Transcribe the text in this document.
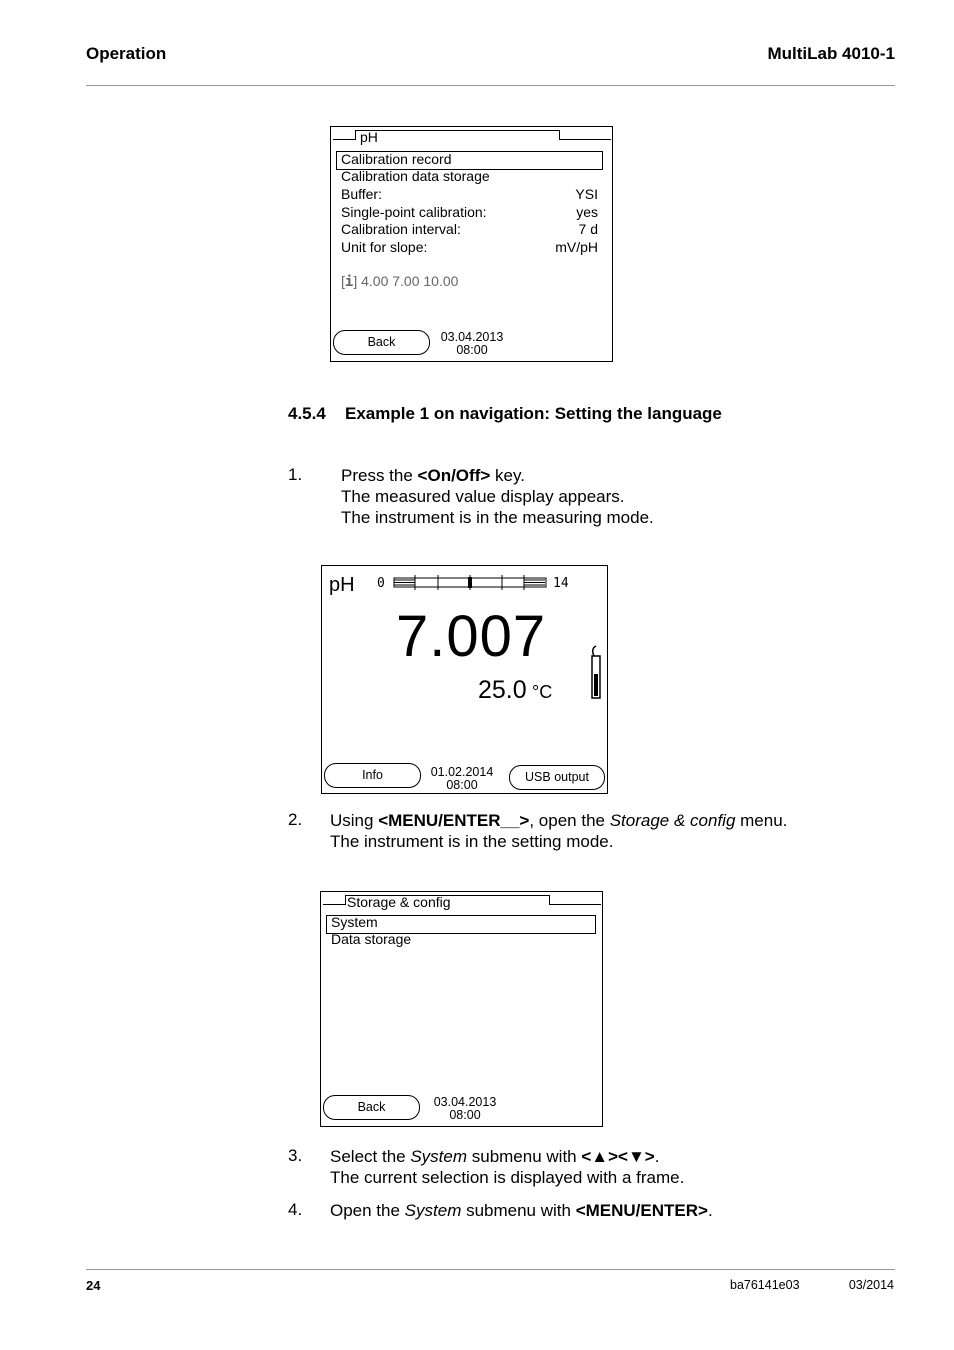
Operation	MultiLab 4010-1
pH
Calibration record
Calibration data storage
Buffer:	YSI
Single-point calibration:	yes
Calibration interval:	7 d
Unit for slope:	mV/pH
[i] 4.00 7.00 10.00
Back	03.04.2013
08:00
4.5.4 Example 1 on navigation: Setting the language
1. Press the <On/Off> key.
The measured value display appears.
The instrument is in the measuring mode.
pH 0	14
7.007
25.0 °C
Info	01.02.2014
08:00
USB output
2. Using <MENU/ENTER__>, open the Storage & config menu.
The instrument is in the setting mode.
Storage & config
System
Data storage
Back	03.04.2013
08:00
3. Select the System submenu with <▲><▼>.
The current selection is displayed with a frame.
4. Open the System submenu with <MENU/ENTER>.
24	ba76141e03	03/2014
